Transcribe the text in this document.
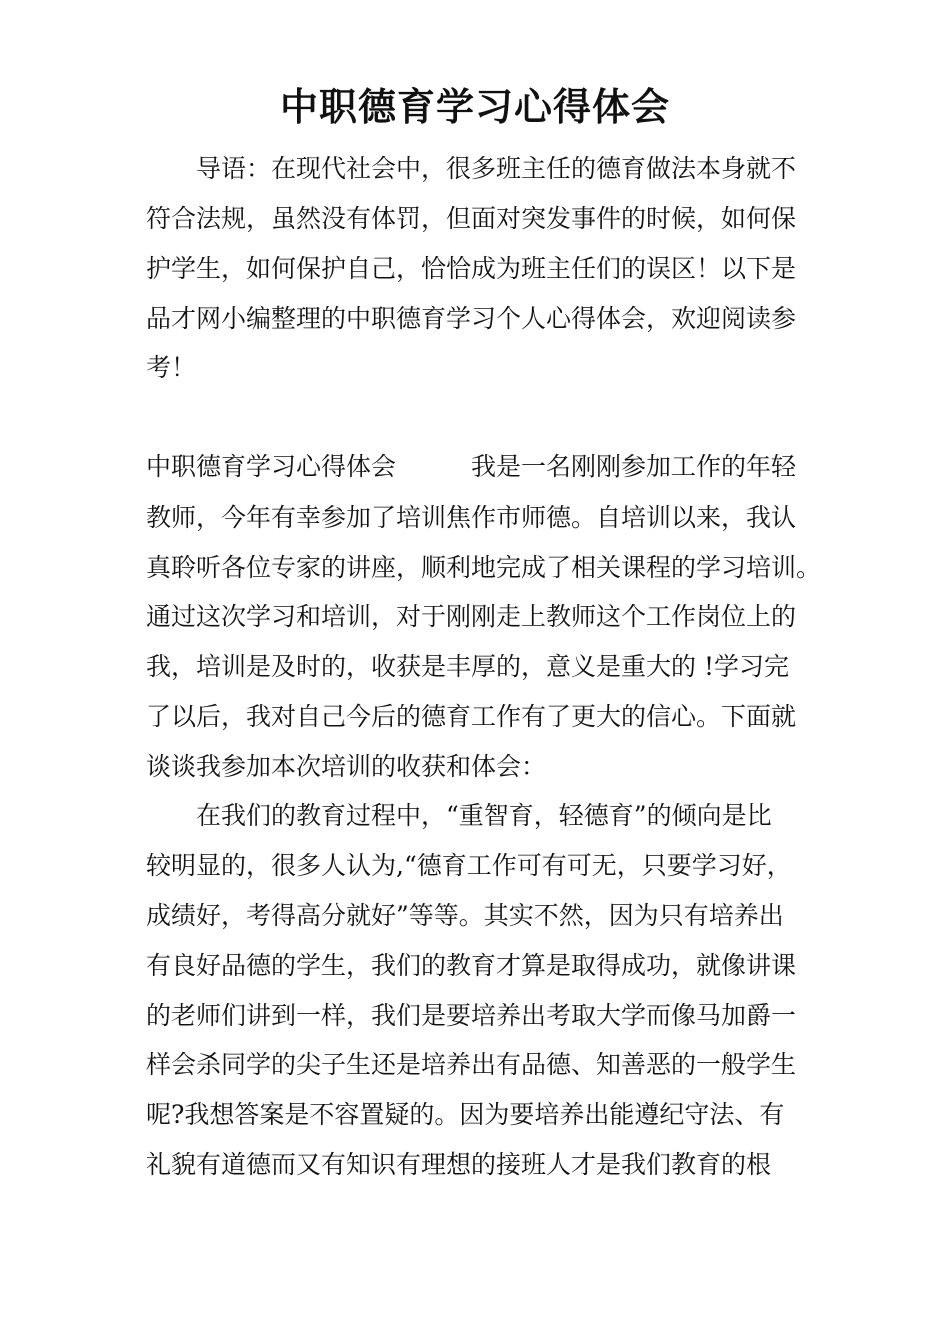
中职德育学习心得体会
导语：在现代社会中，很多班主任的德育做法本身就不
符合法规，虽然没有体罚，但面对突发事件的时候，如何保
护学生，如何保护自己，恰恰成为班主任们的误区！以下是
品才网小编整理的中职德育学习个人心得体会，欢迎阅读参
考！
中职德育学习心得体会　　　我是一名刚刚参加工作的年轻
教师，今年有幸参加了培训焦作市师德。自培训以来，我认
真聆听各位专家的讲座，顺利地完成了相关课程的学习培训。
通过这次学习和培训，对于刚刚走上教师这个工作岗位上的
我，培训是及时的，收获是丰厚的，意义是重大的 !学习完
了以后，我对自己今后的德育工作有了更大的信心。下面就
谈谈我参加本次培训的收获和体会：
在我们的教育过程中，“重智育，轻德育”的倾向是比
较明显的，很多人认为,“德育工作可有可无，只要学习好，
成绩好，考得高分就好”等等。其实不然，因为只有培养出
有良好品德的学生，我们的教育才算是取得成功，就像讲课
的老师们讲到一样，我们是要培养出考取大学而像马加爵一
样会杀同学的尖子生还是培养出有品德、知善恶的一般学生
呢?我想答案是不容置疑的。因为要培养出能遵纪守法、有
礼貌有道德而又有知识有理想的接班人才是我们教育的根
